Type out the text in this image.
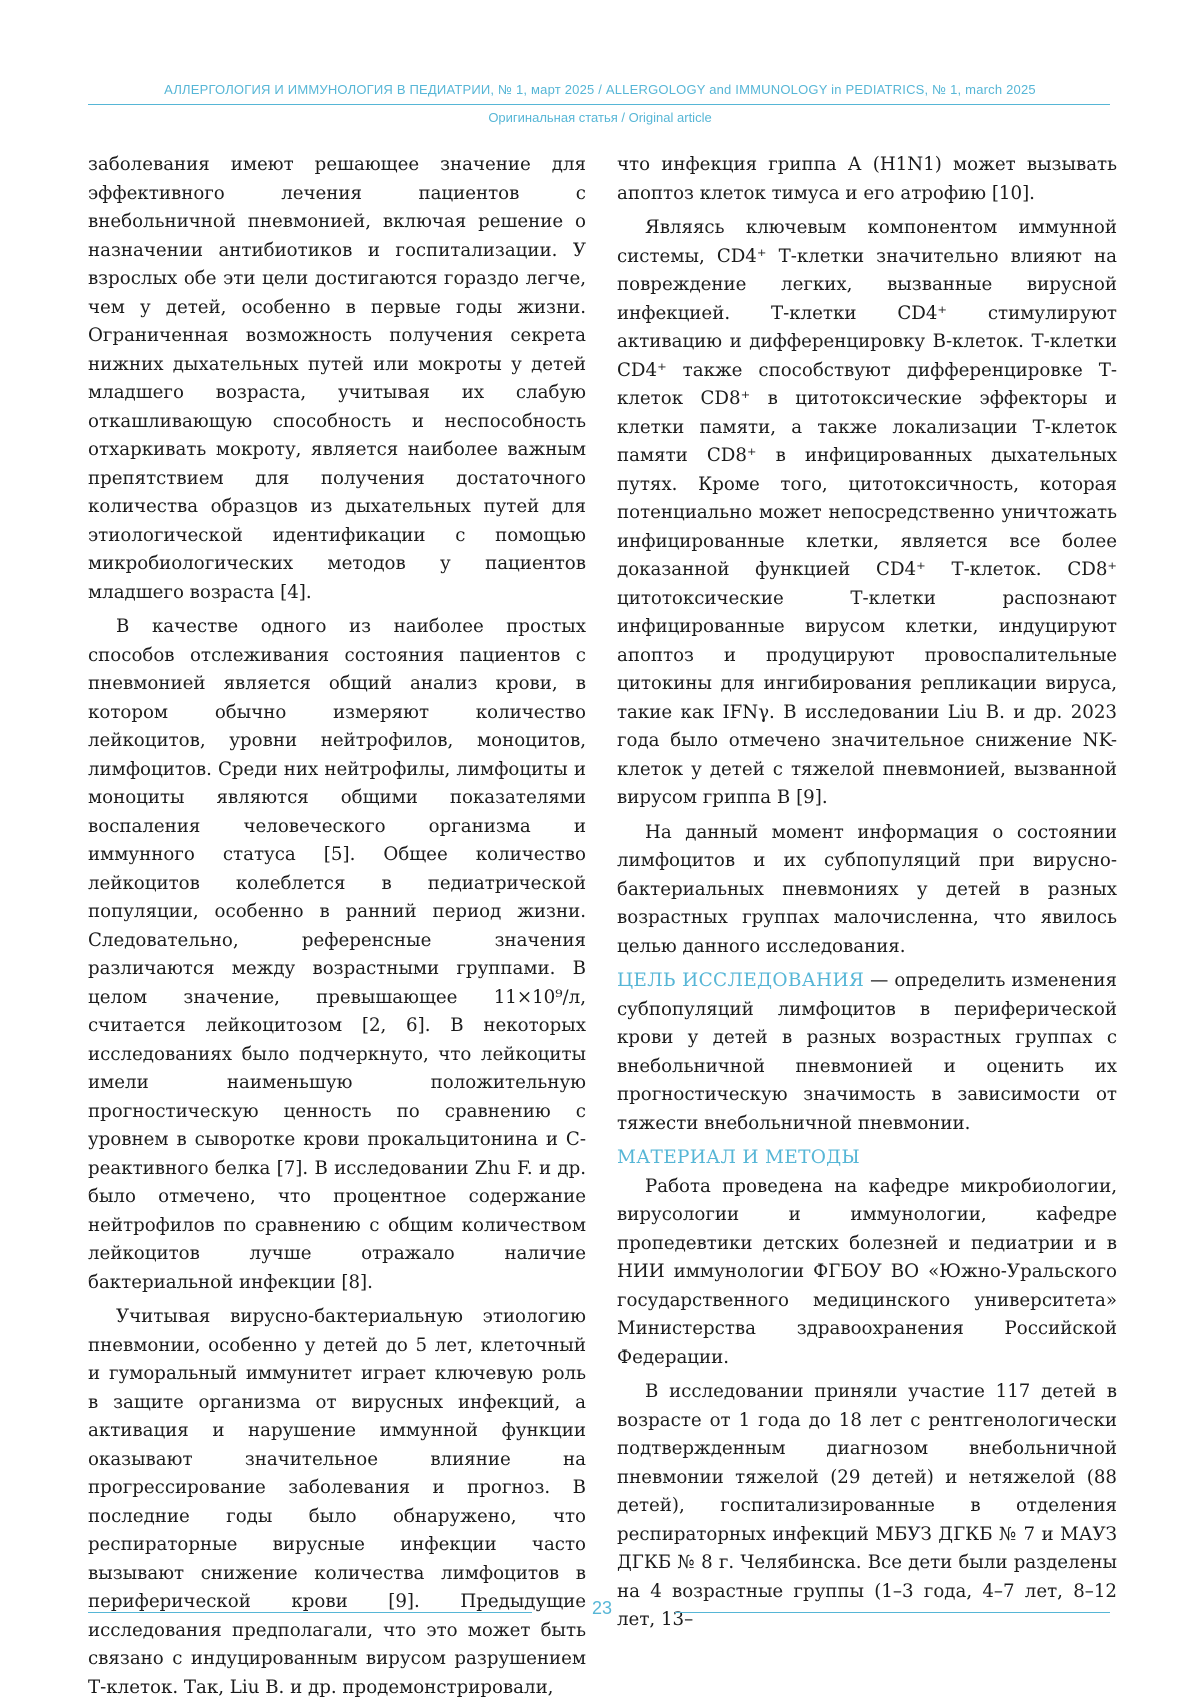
АЛЛЕРГОЛОГИЯ И ИММУНОЛОГИЯ В ПЕДИАТРИИ, № 1, март 2025 / ALLERGOLOGY and IMMUNOLOGY in PEDIATRICS, № 1, march 2025
Оригинальная статья / Original article

заболевания имеют решающее значение для эффективного лечения пациентов с внебольничной пневмонией, включая решение о назначении антибиотиков и госпитализации. У взрослых обе эти цели достигаются гораздо легче, чем у детей, особенно в первые годы жизни. Ограниченная возможность получения секрета нижних дыхательных путей или мокроты у детей младшего возраста, учитывая их слабую откашливающую способность и неспособность отхаркивать мокроту, является наиболее важным препятствием для получения достаточного количества образцов из дыхательных путей для этиологической идентификации с помощью микробиологических методов у пациентов младшего возраста [4].

В качестве одного из наиболее простых способов отслеживания состояния пациентов с пневмонией является общий анализ крови, в котором обычно измеряют количество лейкоцитов, уровни нейтрофилов, моноцитов, лимфоцитов. Среди них нейтрофилы, лимфоциты и моноциты являются общими показателями воспаления человеческого организма и иммунного статуса [5]. Общее количество лейкоцитов колеблется в педиатрической популяции, особенно в ранний период жизни. Следовательно, референсные значения различаются между возрастными группами. В целом значение, превышающее 11×10⁹/л, считается лейкоцитозом [2, 6]. В некоторых исследованиях было подчеркнуто, что лейкоциты имели наименьшую положительную прогностическую ценность по сравнению с уровнем в сыворотке крови прокальцитонина и С-реактивного белка [7]. В исследовании Zhu F. и др. было отмечено, что процентное содержание нейтрофилов по сравнению с общим количеством лейкоцитов лучше отражало наличие бактериальной инфекции [8].

Учитывая вирусно-бактериальную этиологию пневмонии, особенно у детей до 5 лет, клеточный и гуморальный иммунитет играет ключевую роль в защите организма от вирусных инфекций, а активация и нарушение иммунной функции оказывают значительное влияние на прогрессирование заболевания и прогноз. В последние годы было обнаружено, что респираторные вирусные инфекции часто вызывают снижение количества лимфоцитов в периферической крови [9]. Предыдущие исследования предполагали, что это может быть связано с индуцированным вирусом разрушением Т-клеток. Так, Liu B. и др. продемонстрировали,

что инфекция гриппа А (H1N1) может вызывать апоптоз клеток тимуса и его атрофию [10].

Являясь ключевым компонентом иммунной системы, CD4⁺ Т-клетки значительно влияют на повреждение легких, вызванные вирусной инфекцией. Т-клетки CD4⁺ стимулируют активацию и дифференцировку В-клеток. Т-клетки CD4⁺ также способствуют дифференцировке Т-клеток CD8⁺ в цитотоксические эффекторы и клетки памяти, а также локализации Т-клеток памяти CD8⁺ в инфицированных дыхательных путях. Кроме того, цитотоксичность, которая потенциально может непосредственно уничтожать инфицированные клетки, является все более доказанной функцией CD4⁺ Т-клеток. CD8⁺ цитотоксические Т-клетки распознают инфицированные вирусом клетки, индуцируют апоптоз и продуцируют провоспалительные цитокины для ингибирования репликации вируса, такие как IFNγ. В исследовании Liu B. и др. 2023 года было отмечено значительное снижение NK-клеток у детей с тяжелой пневмонией, вызванной вирусом гриппа В [9].

На данный момент информация о состоянии лимфоцитов и их субпопуляций при вирусно-бактериальных пневмониях у детей в разных возрастных группах малочисленна, что явилось целью данного исследования.

ЦЕЛЬ ИССЛЕДОВАНИЯ — определить изменения субпопуляций лимфоцитов в периферической крови у детей в разных возрастных группах с внебольничной пневмонией и оценить их прогностическую значимость в зависимости от тяжести внебольничной пневмонии.

МАТЕРИАЛ И МЕТОДЫ

Работа проведена на кафедре микробиологии, вирусологии и иммунологии, кафедре пропедевтики детских болезней и педиатрии и в НИИ иммунологии ФГБОУ ВО «Южно-Уральского государственного медицинского университета» Министерства здравоохранения Российской Федерации.

В исследовании приняли участие 117 детей в возрасте от 1 года до 18 лет с рентгенологически подтвержденным диагнозом внебольничной пневмонии тяжелой (29 детей) и нетяжелой (88 детей), госпитализированные в отделения респираторных инфекций МБУЗ ДГКБ № 7 и МАУЗ ДГКБ № 8 г. Челябинска. Все дети были разделены на 4 возрастные группы (1–3 года, 4–7 лет, 8–12 лет, 13–

23
